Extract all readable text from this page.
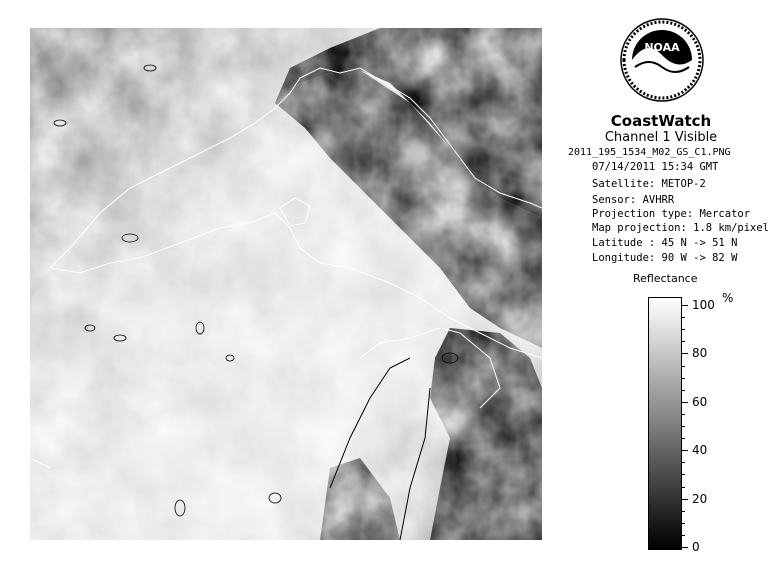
NOAA
CoastWatch
Channel 1 Visible
2011_195_1534_M02_GS_C1.PNG
07/14/2011 15:34 GMT
Satellite: METOP-2
Sensor: AVHRR
Projection type: Mercator
Map projection: 1.8 km/pixel
Latitude : 45 N -> 51 N
Longitude: 90 W -> 82 W
Reflectance
%
100
80
60
40
20
0
